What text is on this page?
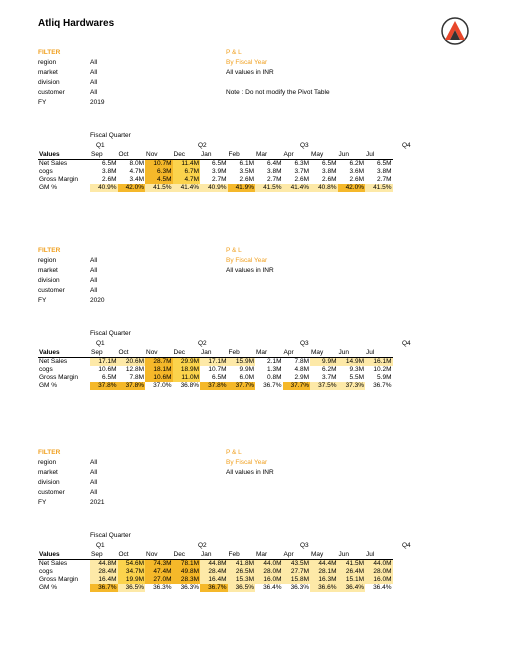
Atliq Hardwares
FILTER
region	All
market	All
division	All
customer	All
FY	2019
P & L
By Fiscal Year
All values in INR
Note : Do not modify the Pivot Table
Fiscal Quarter
Q1	Q2	Q3	Q4
Values	Sep	Oct	Nov	Dec	Jan	Feb	Mar	Apr	May	Jun	Jul
Net Sales	6.5M	8.0M	10.7M	11.4M	6.5M	6.1M	6.4M	6.3M	6.5M	6.2M	6.5M
cogs	3.8M	4.7M	6.3M	6.7M	3.9M	3.5M	3.8M	3.7M	3.8M	3.6M	3.8M
Gross Margin	2.6M	3.4M	4.5M	4.7M	2.7M	2.6M	2.7M	2.6M	2.6M	2.6M	2.7M
GM %	40.9%	42.0%	41.5%	41.4%	40.9%	41.9%	41.5%	41.4%	40.8%	42.0%	41.5%
FILTER
region	All
market	All
division	All
customer	All
FY	2020
P & L
By Fiscal Year
All values in INR
Fiscal Quarter
Q1	Q2	Q3	Q4
Values	Sep	Oct	Nov	Dec	Jan	Feb	Mar	Apr	May	Jun	Jul
Net Sales	17.1M	20.6M	28.7M	29.9M	17.1M	15.9M	2.1M	7.8M	9.9M	14.9M	16.1M
cogs	10.6M	12.8M	18.1M	18.9M	10.7M	9.9M	1.3M	4.8M	6.2M	9.3M	10.2M
Gross Margin	6.5M	7.8M	10.6M	11.0M	6.5M	6.0M	0.8M	2.9M	3.7M	5.5M	5.9M
GM %	37.8%	37.8%	37.0%	36.8%	37.8%	37.7%	36.7%	37.7%	37.5%	37.3%	36.7%
FILTER
region	All
market	All
division	All
customer	All
FY	2021
P & L
By Fiscal Year
All values in INR
Fiscal Quarter
Q1	Q2	Q3	Q4
Values	Sep	Oct	Nov	Dec	Jan	Feb	Mar	Apr	May	Jun	Jul
Net Sales	44.8M	54.6M	74.3M	78.1M	44.8M	41.8M	44.0M	43.5M	44.4M	41.5M	44.0M
cogs	28.4M	34.7M	47.4M	49.8M	28.4M	26.5M	28.0M	27.7M	28.1M	26.4M	28.0M
Gross Margin	16.4M	19.9M	27.0M	28.3M	16.4M	15.3M	16.0M	15.8M	16.3M	15.1M	16.0M
GM %	36.7%	36.5%	36.3%	36.3%	36.7%	36.5%	36.4%	36.3%	36.6%	36.4%	36.4%
